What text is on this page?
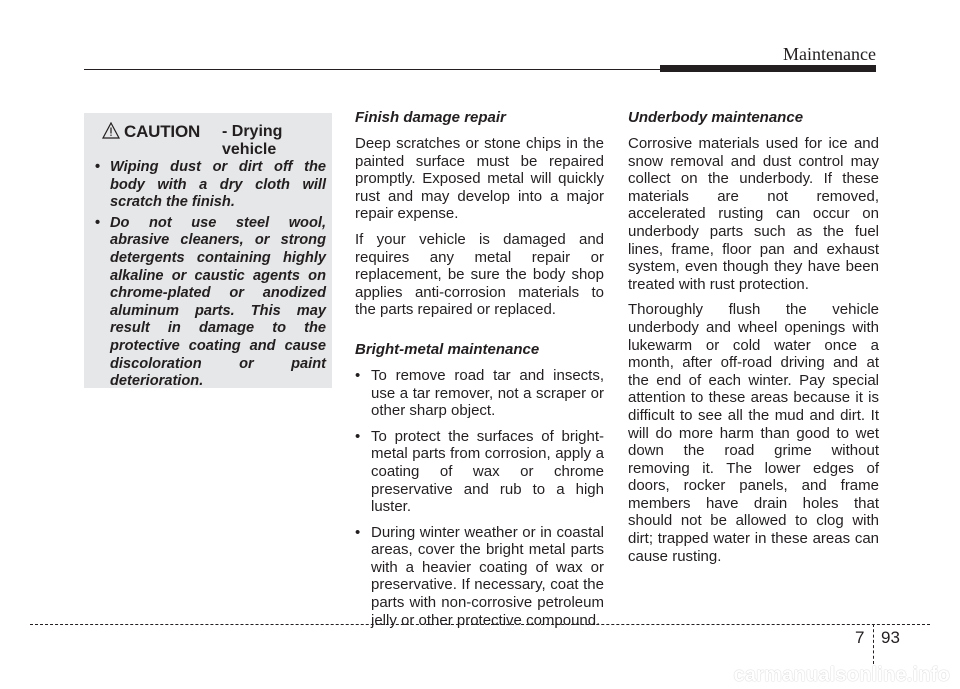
Maintenance
CAUTION - Drying
vehicle
• Wiping dust or dirt off the body with a dry cloth will scratch the finish.
• Do not use steel wool, abrasive cleaners, or strong detergents containing highly alkaline or caustic agents on chrome-plated or anodized aluminum parts. This may result in damage to the protective coating and cause discoloration or paint deterioration.

Finish damage repair

Deep scratches or stone chips in the painted surface must be repaired promptly. Exposed metal will quickly rust and may develop into a major repair expense.

If your vehicle is damaged and requires any metal repair or replacement, be sure the body shop applies anti-corrosion materials to the parts repaired or replaced.

Bright-metal maintenance

• To remove road tar and insects, use a tar remover, not a scraper or other sharp object.
• To protect the surfaces of bright-metal parts from corrosion, apply a coating of wax or chrome preservative and rub to a high luster.
• During winter weather or in coastal areas, cover the bright metal parts with a heavier coating of wax or preservative. If necessary, coat the parts with non-corrosive petroleum jelly or other protective compound.

Underbody maintenance

Corrosive materials used for ice and snow removal and dust control may collect on the underbody. If these materials are not removed, accelerated rusting can occur on underbody parts such as the fuel lines, frame, floor pan and exhaust system, even though they have been treated with rust protection.

Thoroughly flush the vehicle underbody and wheel openings with lukewarm or cold water once a month, after off-road driving and at the end of each winter. Pay special attention to these areas because it is difficult to see all the mud and dirt. It will do more harm than good to wet down the road grime without removing it. The lower edges of doors, rocker panels, and frame members have drain holes that should not be allowed to clog with dirt; trapped water in these areas can cause rusting.

7 93
carmanualsonline.info
